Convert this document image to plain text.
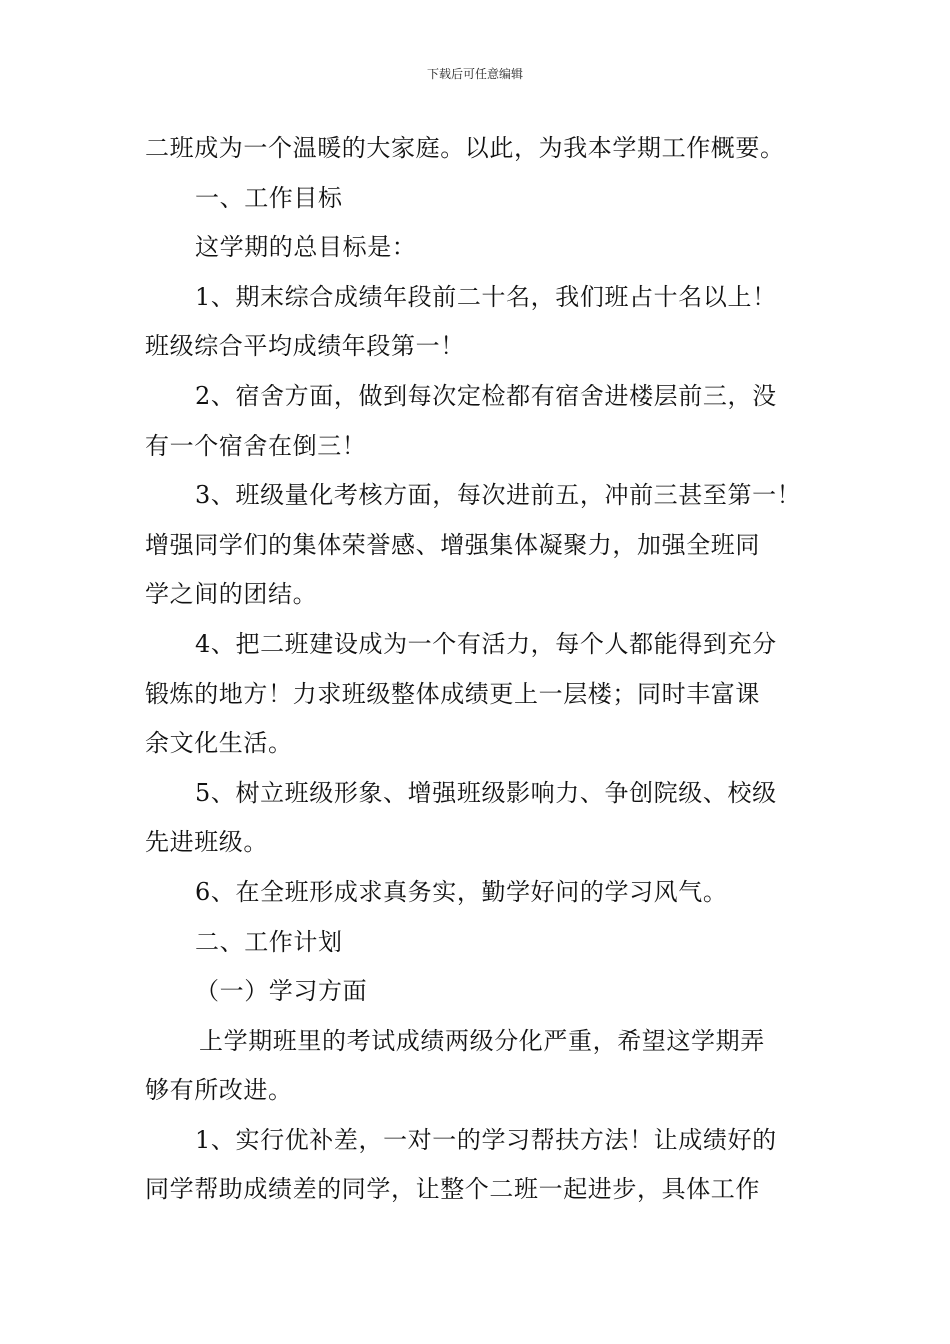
下载后可任意编辑
二班成为一个温暖的大家庭。以此，为我本学期工作概要。
一、工作目标
这学期的总目标是：
1、期末综合成绩年段前二十名，我们班占十名以上！
班级综合平均成绩年段第一！
2、宿舍方面，做到每次定检都有宿舍进楼层前三，没
有一个宿舍在倒三！
3、班级量化考核方面，每次进前五，冲前三甚至第一！
增强同学们的集体荣誉感、增强集体凝聚力，加强全班同
学之间的团结。
4、把二班建设成为一个有活力，每个人都能得到充分
锻炼的地方！力求班级整体成绩更上一层楼；同时丰富课
余文化生活。
5、树立班级形象、增强班级影响力、争创院级、校级
先进班级。
6、在全班形成求真务实，勤学好问的学习风气。
二、工作计划
（一）学习方面
上学期班里的考试成绩两级分化严重，希望这学期弄
够有所改进。
1、实行优补差，一对一的学习帮扶方法！让成绩好的
同学帮助成绩差的同学，让整个二班一起进步，具体工作
